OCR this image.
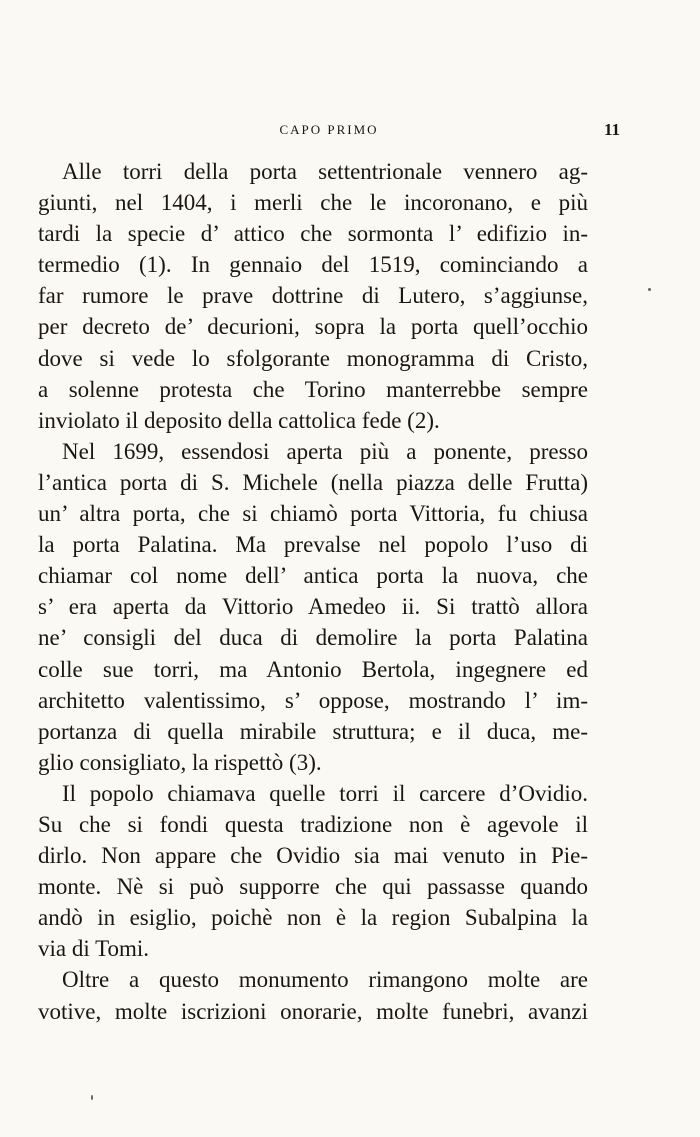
CAPO PRIMO	11
Alle torri della porta settentrionale vennero ag-
giunti, nel 1404, i merli che le incoronano, e più
tardi la specie d’ attico che sormonta l’ edifizio in-
termedio (1). In gennaio del 1519, cominciando a
far rumore le prave dottrine di Lutero, s’aggiunse,
per decreto de’ decurioni, sopra la porta quell’occhio
dove si vede lo sfolgorante monogramma di Cristo,
a solenne protesta che Torino manterrebbe sempre
inviolato il deposito della cattolica fede (2).
Nel 1699, essendosi aperta più a ponente, presso
l’antica porta di S. Michele (nella piazza delle Frutta)
un’ altra porta, che si chiamò porta Vittoria, fu chiusa
la porta Palatina. Ma prevalse nel popolo l’uso di
chiamar col nome dell’ antica porta la nuova, che
s’ era aperta da Vittorio Amedeo ii. Si trattò allora
ne’ consigli del duca di demolire la porta Palatina
colle sue torri, ma Antonio Bertola, ingegnere ed
architetto valentissimo, s’ oppose, mostrando l’ im-
portanza di quella mirabile struttura; e il duca, me-
glio consigliato, la rispettò (3).
Il popolo chiamava quelle torri il carcere d’Ovidio.
Su che si fondi questa tradizione non è agevole il
dirlo. Non appare che Ovidio sia mai venuto in Pie-
monte. Nè si può supporre che qui passasse quando
andò in esiglio, poichè non è la region Subalpina la
via di Tomi.
Oltre a questo monumento rimangono molte are
votive, molte iscrizioni onorarie, molte funebri, avanzi
